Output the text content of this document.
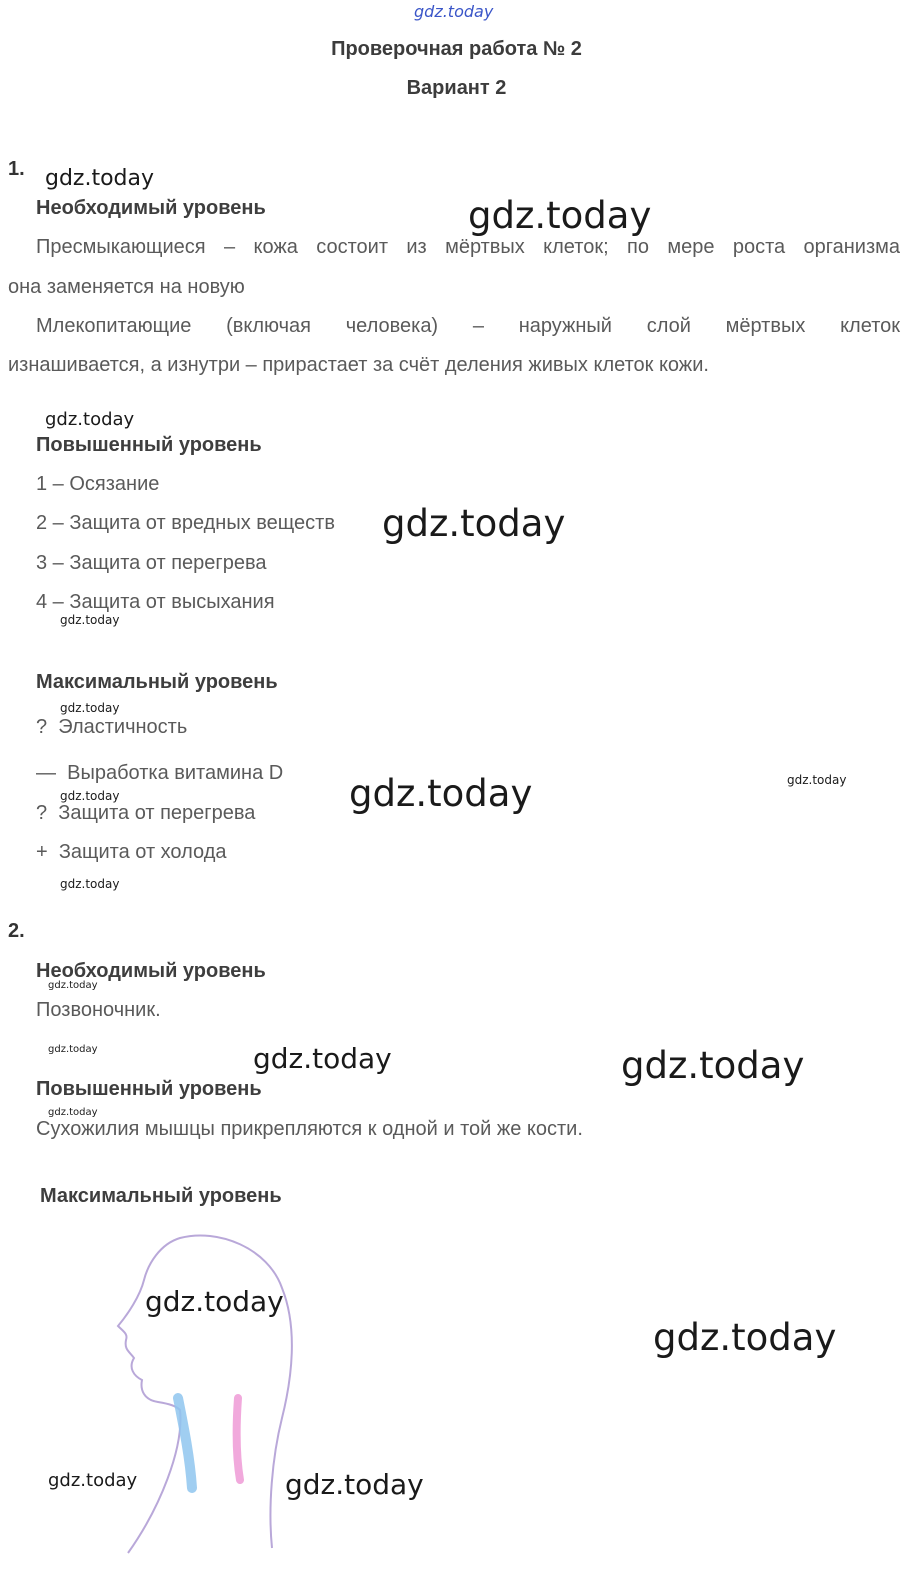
gdz.today
Проверочная работа № 2
Вариант 2
1.
Необходимый уровень
Пресмыкающиеся – кожа состоит из мёртвых клеток; по мере роста организма
она заменяется на новую
Млекопитающие (включая человека) – наружный слой мёртвых клеток
изнашивается, а изнутри – прирастает за счёт деления живых клеток кожи.
Повышенный уровень
1 – Осязание
2 – Защита от вредных веществ
3 – Защита от перегрева
4 – Защита от высыхания
Максимальный уровень
? Эластичность
— Выработка витамина D
? Защита от перегрева
+ Защита от холода
2.
Необходимый уровень
Позвоночник.
Повышенный уровень
Сухожилия мышцы прикрепляются к одной и той же кости.
Максимальный уровень
gdz.today
gdz.today
gdz.today
gdz.today
gdz.today
gdz.today
gdz.today	gdz.today
gdz.today
gdz.today
gdz.today
gdz.today	gdz.today	gdz.today
gdz.today
gdz.today
gdz.today
gdz.today	gdz.today
